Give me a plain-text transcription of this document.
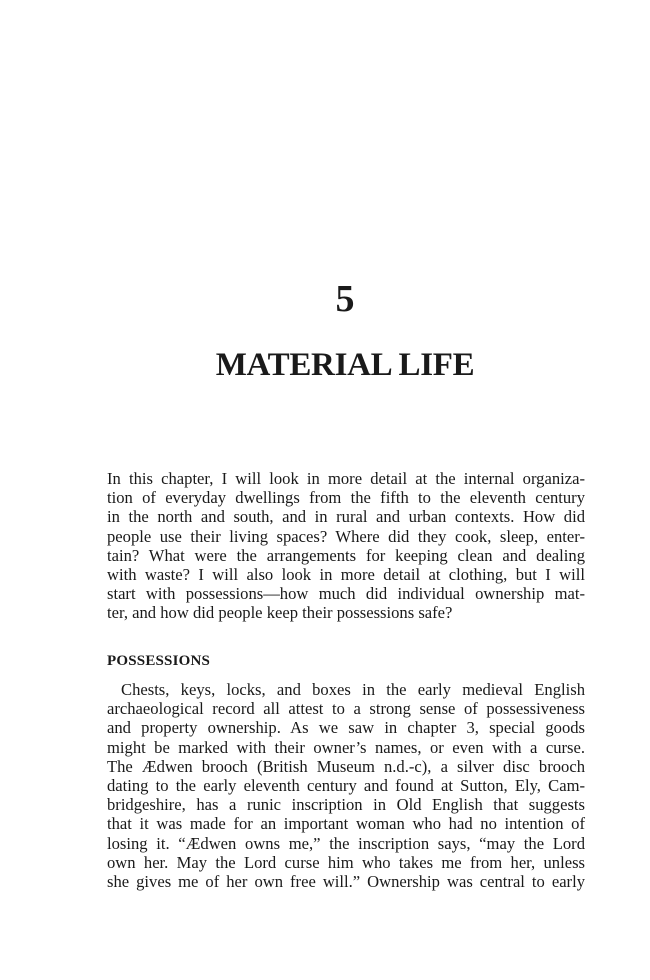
5
MATERIAL LIFE
In this chapter, I will look in more detail at the internal organiza-
tion of everyday dwellings from the fifth to the eleventh century
in the north and south, and in rural and urban contexts. How did
people use their living spaces? Where did they cook, sleep, enter-
tain? What were the arrangements for keeping clean and dealing
with waste? I will also look in more detail at clothing, but I will
start with possessions—how much did individual ownership mat-
ter, and how did people keep their possessions safe?
POSSESSIONS
Chests, keys, locks, and boxes in the early medieval English
archaeological record all attest to a strong sense of possessiveness
and property ownership. As we saw in chapter 3, special goods
might be marked with their owner’s names, or even with a curse.
The Ædwen brooch (British Museum n.d.-c), a silver disc brooch
dating to the early eleventh century and found at Sutton, Ely, Cam-
bridgeshire, has a runic inscription in Old English that suggests
that it was made for an important woman who had no intention of
losing it. “Ædwen owns me,” the inscription says, “may the Lord
own her. May the Lord curse him who takes me from her, unless
she gives me of her own free will.” Ownership was central to early
